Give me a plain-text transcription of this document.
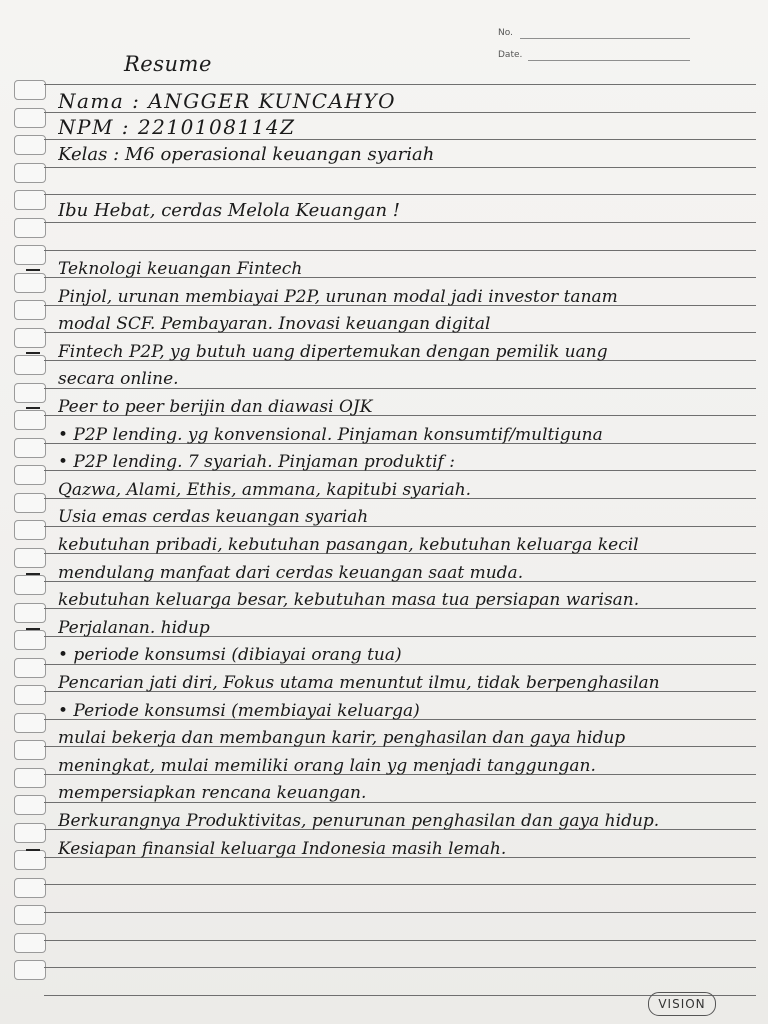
No.
Date.
Resume
Nama : ANGGER KUNCAHYO
NPM : 2210108114Z
Kelas : M6 operasional keuangan syariah
Ibu Hebat, cerdas Melola Keuangan !
Teknologi keuangan Fintech
Pinjol, urunan membiayai P2P, urunan modal jadi investor tanam
modal SCF. Pembayaran. Inovasi keuangan digital
Fintech P2P, yg butuh uang dipertemukan dengan pemilik uang
secara online.
Peer to peer berijin dan diawasi OJK
• P2P lending. yg konvensional. Pinjaman konsumtif/multiguna
• P2P lending. 7 syariah. Pinjaman produktif :
Qazwa, Alami, Ethis, ammana, kapitubi syariah.
Usia emas cerdas keuangan syariah
kebutuhan pribadi, kebutuhan pasangan, kebutuhan keluarga kecil
mendulang manfaat dari cerdas keuangan saat muda.
kebutuhan keluarga besar, kebutuhan masa tua persiapan warisan.
Perjalanan. hidup
• periode konsumsi (dibiayai orang tua)
Pencarian jati diri, Fokus utama menuntut ilmu, tidak berpenghasilan
• Periode konsumsi (membiayai keluarga)
mulai bekerja dan membangun karir, penghasilan dan gaya hidup
meningkat, mulai memiliki orang lain yg menjadi tanggungan.
mempersiapkan rencana keuangan.
Berkurangnya Produktivitas, penurunan penghasilan dan gaya hidup.
Kesiapan finansial keluarga Indonesia masih lemah.
VISION
